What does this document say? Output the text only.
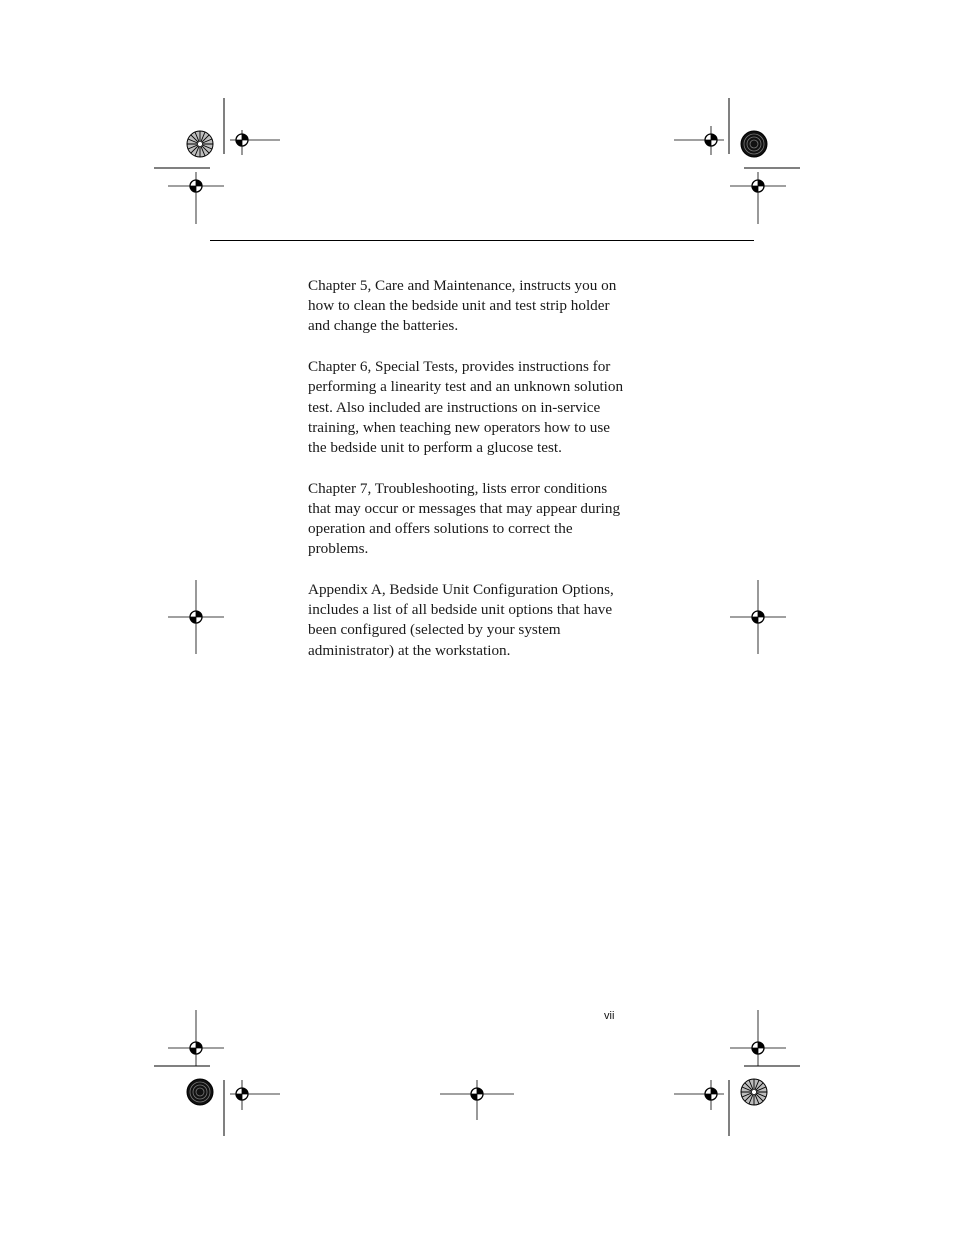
Chapter 5, Care and Maintenance, instructs you on how to clean the bedside unit and test strip holder and change the batteries.

Chapter 6, Special Tests, provides instructions for performing a linearity test and an unknown solution test. Also included are instructions on in-service training, when teaching new operators how to use the bedside unit to perform a glucose test.

Chapter 7, Troubleshooting, lists error conditions that may occur or messages that may appear during operation and offers solutions to correct the problems.

Appendix A, Bedside Unit Configuration Options, includes a list of all bedside unit options that have been configured (selected by your system administrator) at the workstation.

vii
